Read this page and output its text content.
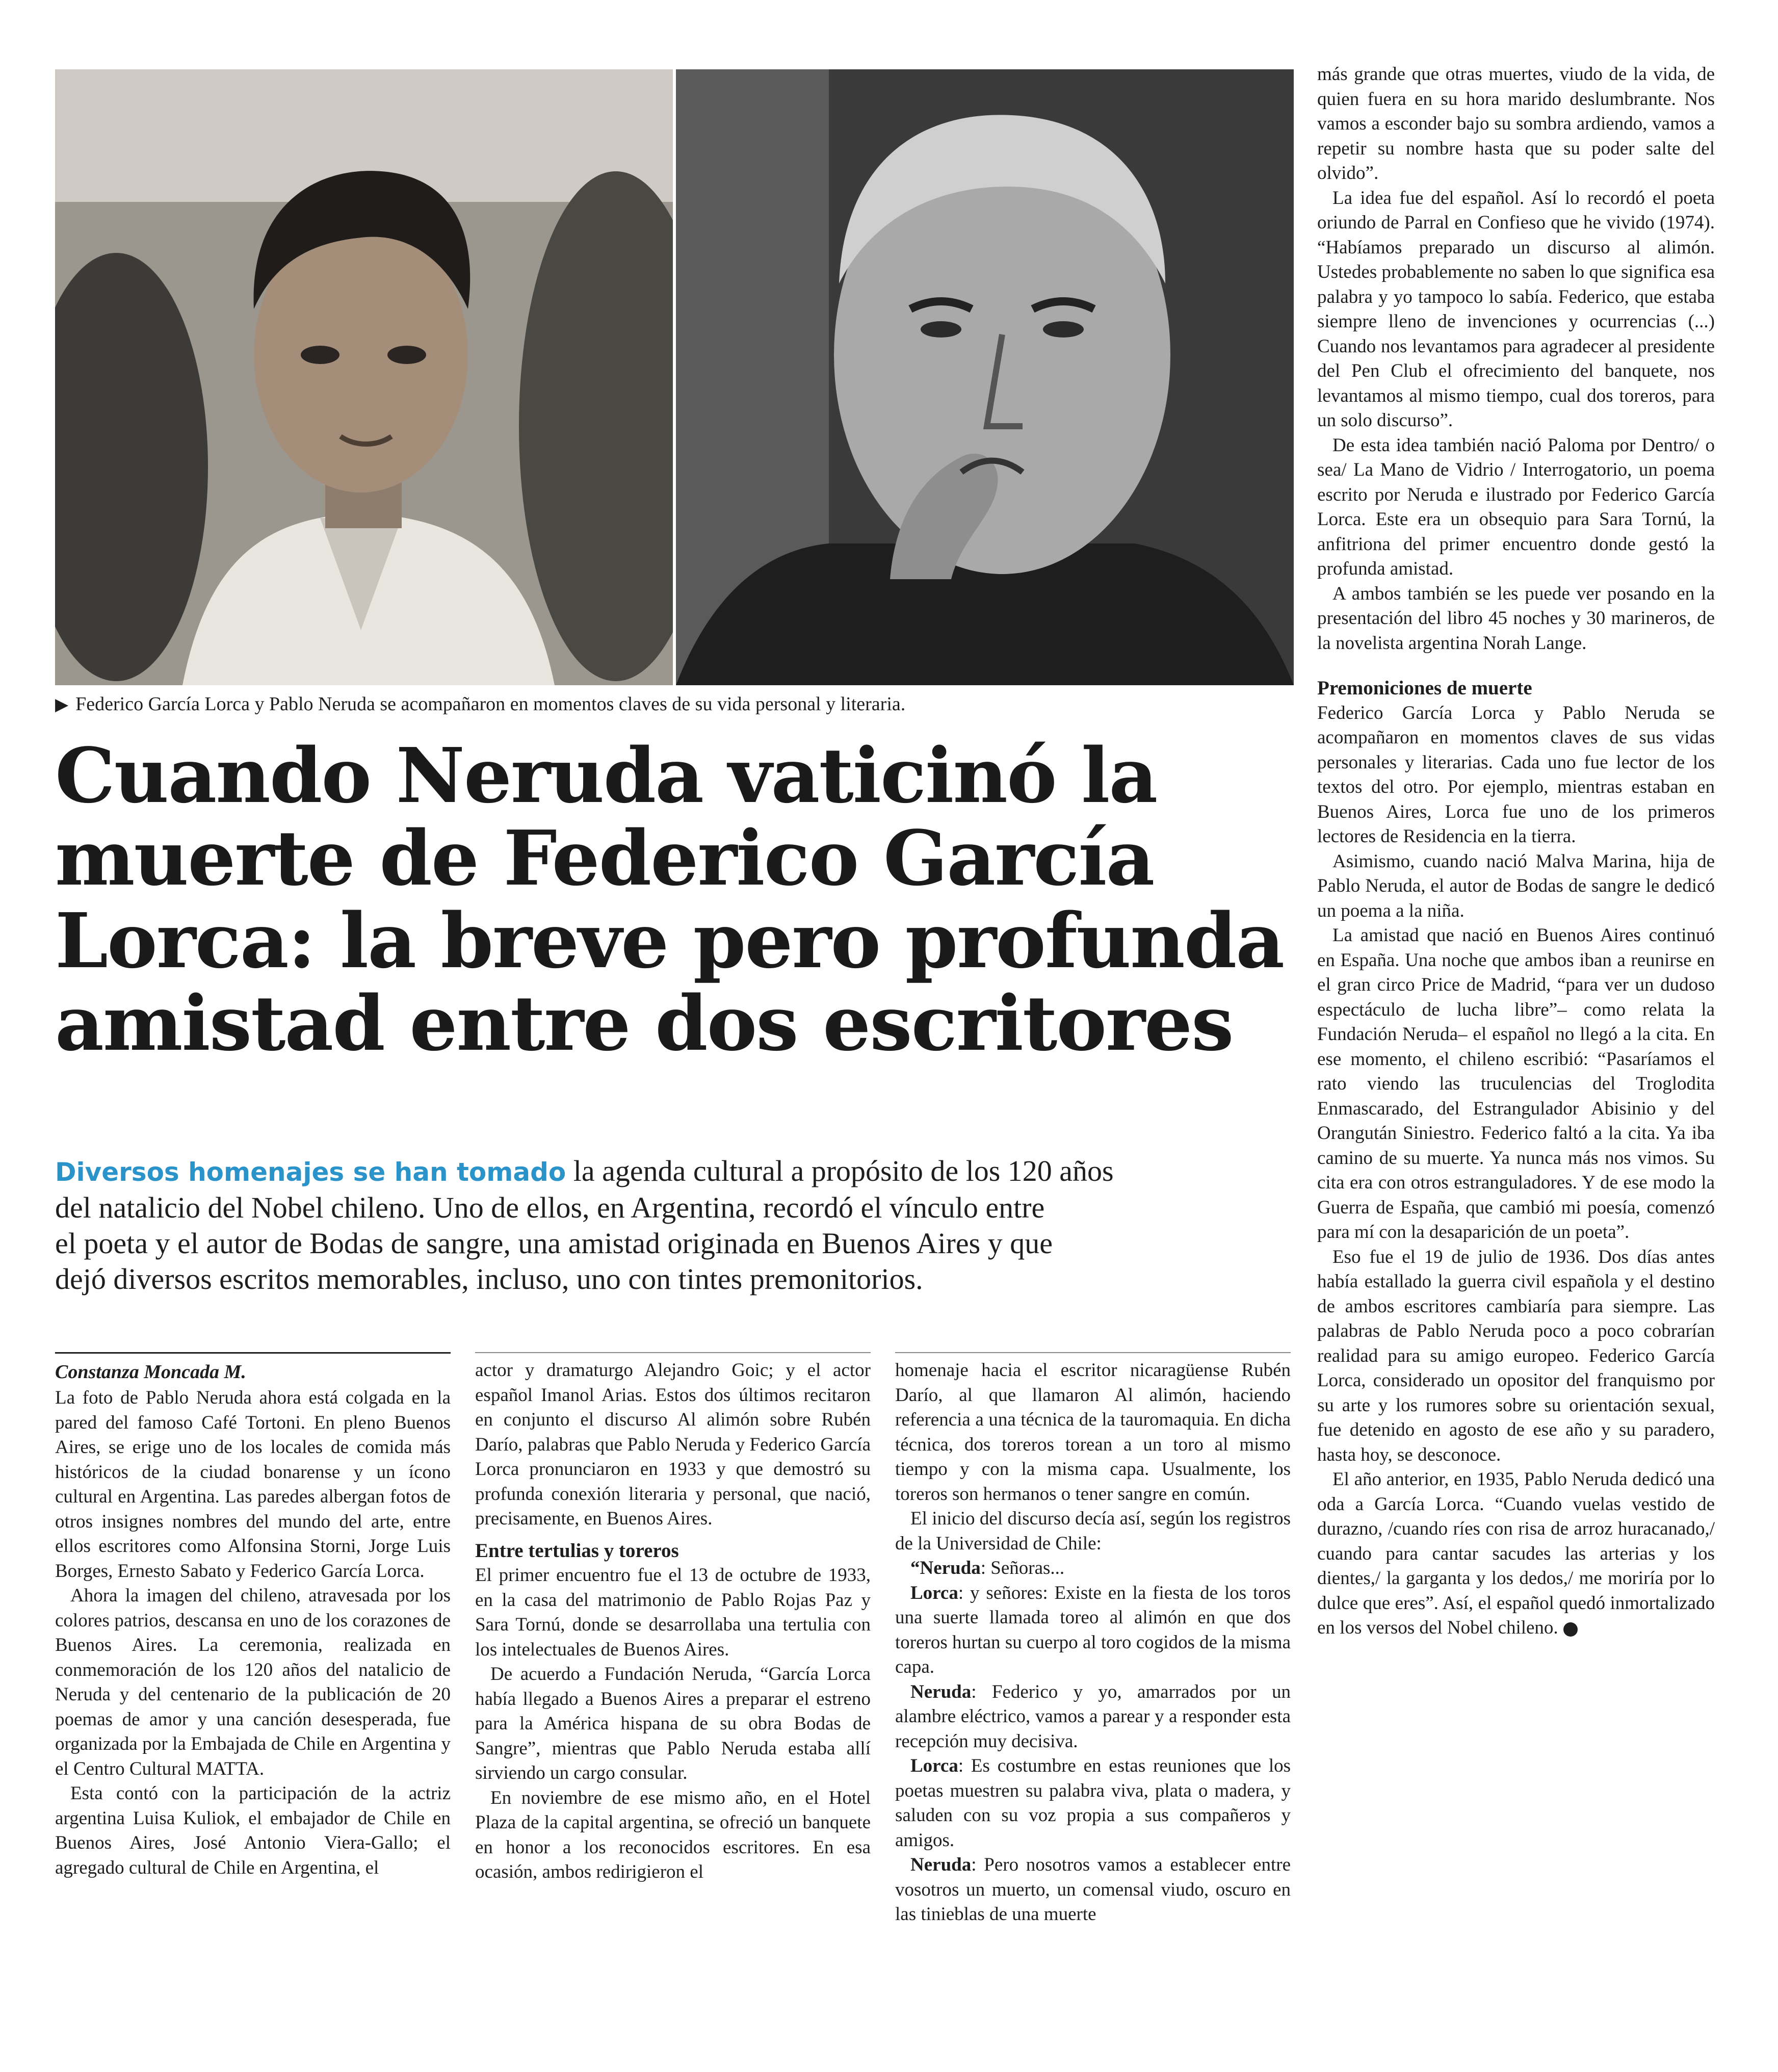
▶ Federico García Lorca y Pablo Neruda se acompañaron en momentos claves de su vida personal y literaria.
Cuando Neruda vaticinó la
muerte de Federico García
Lorca: la breve pero profunda
amistad entre dos escritores
Diversos homenajes se han tomado la agenda cultural a propósito de los 120 años
del natalicio del Nobel chileno. Uno de ellos, en Argentina, recordó el vínculo entre
el poeta y el autor de Bodas de sangre, una amistad originada en Buenos Aires y que
dejó diversos escritos memorables, incluso, uno con tintes premonitorios.
Constanza Moncada M.

La foto de Pablo Neruda ahora está colgada en la pared del famoso Café Tortoni. En pleno Buenos Aires, se erige uno de los locales de comida más históricos de la ciudad bonarense y un ícono cultural en Argentina. Las paredes albergan fotos de otros insignes nombres del mundo del arte, entre ellos escritores como Alfonsina Storni, Jorge Luis Borges, Ernesto Sabato y Federico García Lorca.

Ahora la imagen del chileno, atravesada por los colores patrios, descansa en uno de los corazones de Buenos Aires. La ceremonia, realizada en conmemoración de los 120 años del natalicio de Neruda y del centenario de la publicación de 20 poemas de amor y una canción desesperada, fue organizada por la Embajada de Chile en Argentina y el Centro Cultural MATTA.

Esta contó con la participación de la actriz argentina Luisa Kuliok, el embajador de Chile en Buenos Aires, José Antonio Viera-Gallo; el agregado cultural de Chile en Argentina, el

actor y dramaturgo Alejandro Goic; y el actor español Imanol Arias. Estos dos últimos recitaron en conjunto el discurso Al alimón sobre Rubén Darío, palabras que Pablo Neruda y Federico García Lorca pronunciaron en 1933 y que demostró su profunda conexión literaria y personal, que nació, precisamente, en Buenos Aires.

Entre tertulias y toreros

El primer encuentro fue el 13 de octubre de 1933, en la casa del matrimonio de Pablo Rojas Paz y Sara Tornú, donde se desarrollaba una tertulia con los intelectuales de Buenos Aires.

De acuerdo a Fundación Neruda, “García Lorca había llegado a Buenos Aires a preparar el estreno para la América hispana de su obra Bodas de Sangre”, mientras que Pablo Neruda estaba allí sirviendo un cargo consular.

En noviembre de ese mismo año, en el Hotel Plaza de la capital argentina, se ofreció un banquete en honor a los reconocidos escritores. En esa ocasión, ambos redirigieron el

homenaje hacia el escritor nicaragüense Rubén Darío, al que llamaron Al alimón, haciendo referencia a una técnica de la tauromaquia. En dicha técnica, dos toreros torean a un toro al mismo tiempo y con la misma capa. Usualmente, los toreros son hermanos o tener sangre en común.

El inicio del discurso decía así, según los registros de la Universidad de Chile:

“Neruda: Señoras...

Lorca: y señores: Existe en la fiesta de los toros una suerte llamada toreo al alimón en que dos toreros hurtan su cuerpo al toro cogidos de la misma capa.

Neruda: Federico y yo, amarrados por un alambre eléctrico, vamos a parear y a responder esta recepción muy decisiva.

Lorca: Es costumbre en estas reuniones que los poetas muestren su palabra viva, plata o madera, y saluden con su voz propia a sus compañeros y amigos.

Neruda: Pero nosotros vamos a establecer entre vosotros un muerto, un comensal viudo, oscuro en las tinieblas de una muerte

más grande que otras muertes, viudo de la vida, de quien fuera en su hora marido deslumbrante. Nos vamos a esconder bajo su sombra ardiendo, vamos a repetir su nombre hasta que su poder salte del olvido”.

La idea fue del español. Así lo recordó el poeta oriundo de Parral en Confieso que he vivido (1974). “Habíamos preparado un discurso al alimón. Ustedes probablemente no saben lo que significa esa palabra y yo tampoco lo sabía. Federico, que estaba siempre lleno de invenciones y ocurrencias (...) Cuando nos levantamos para agradecer al presidente del Pen Club el ofrecimiento del banquete, nos levantamos al mismo tiempo, cual dos toreros, para un solo discurso”.

De esta idea también nació Paloma por Dentro/ o sea/ La Mano de Vidrio / Interrogatorio, un poema escrito por Neruda e ilustrado por Federico García Lorca. Este era un obsequio para Sara Tornú, la anfitriona del primer encuentro donde gestó la profunda amistad.

A ambos también se les puede ver posando en la presentación del libro 45 noches y 30 marineros, de la novelista argentina Norah Lange.

Premoniciones de muerte

Federico García Lorca y Pablo Neruda se acompañaron en momentos claves de sus vidas personales y literarias. Cada uno fue lector de los textos del otro. Por ejemplo, mientras estaban en Buenos Aires, Lorca fue uno de los primeros lectores de Residencia en la tierra.

Asimismo, cuando nació Malva Marina, hija de Pablo Neruda, el autor de Bodas de sangre le dedicó un poema a la niña.

La amistad que nació en Buenos Aires continuó en España. Una noche que ambos iban a reunirse en el gran circo Price de Madrid, “para ver un dudoso espectáculo de lucha libre”– como relata la Fundación Neruda– el español no llegó a la cita. En ese momento, el chileno escribió: “Pasaríamos el rato viendo las truculencias del Troglodita Enmascarado, del Estrangulador Abisinio y del Orangután Siniestro. Federico faltó a la cita. Ya iba camino de su muerte. Ya nunca más nos vimos. Su cita era con otros estranguladores. Y de ese modo la Guerra de España, que cambió mi poesía, comenzó para mí con la desaparición de un poeta”.

Eso fue el 19 de julio de 1936. Dos días antes había estallado la guerra civil española y el destino de ambos escritores cambiaría para siempre. Las palabras de Pablo Neruda poco a poco cobrarían realidad para su amigo europeo. Federico García Lorca, considerado un opositor del franquismo por su arte y los rumores sobre su orientación sexual, fue detenido en agosto de ese año y su paradero, hasta hoy, se desconoce.

El año anterior, en 1935, Pablo Neruda dedicó una oda a García Lorca. “Cuando vuelas vestido de durazno, /cuando ríes con risa de arroz huracanado,/ cuando para cantar sacudes las arterias y los dientes,/ la garganta y los dedos,/ me moriría por lo dulce que eres”. Así, el español quedó inmortalizado en los versos del Nobel chileno.
